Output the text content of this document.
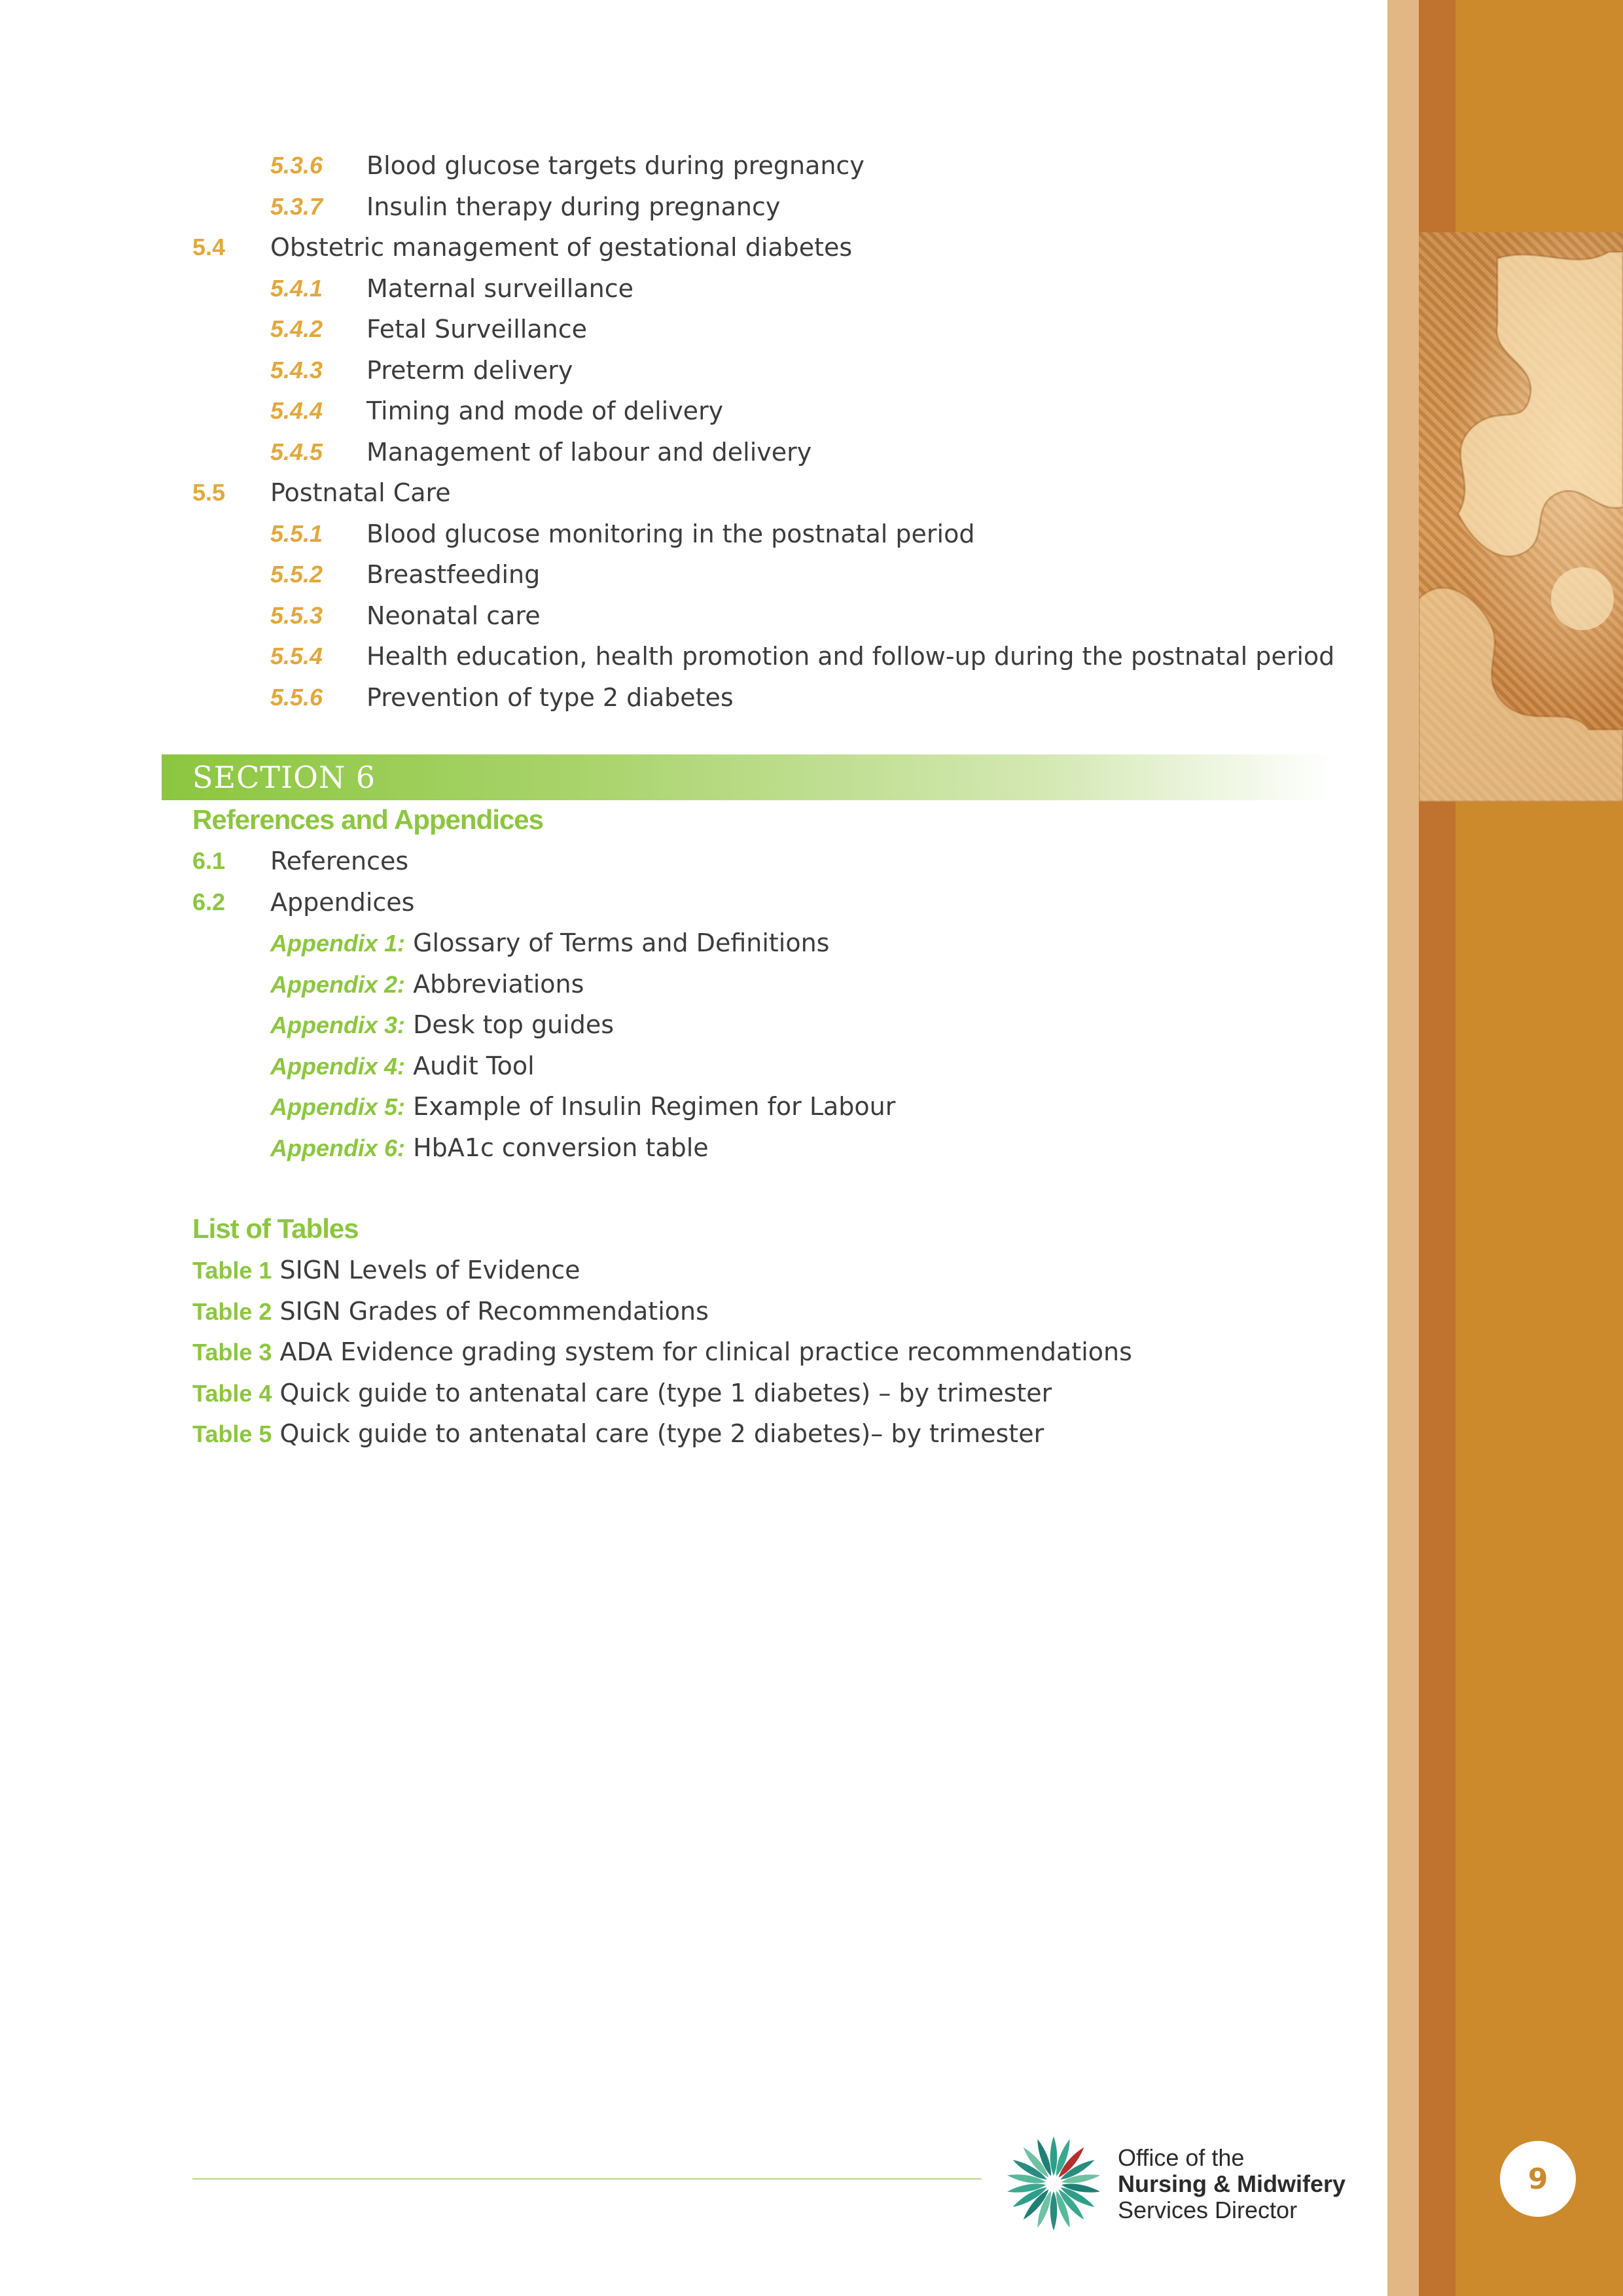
5.3.6 Blood glucose targets during pregnancy
5.3.7 Insulin therapy during pregnancy
5.4 Obstetric management of gestational diabetes
5.4.1 Maternal surveillance
5.4.2 Fetal Surveillance
5.4.3 Preterm delivery
5.4.4 Timing and mode of delivery
5.4.5 Management of labour and delivery
5.5 Postnatal Care
5.5.1 Blood glucose monitoring in the postnatal period
5.5.2 Breastfeeding
5.5.3 Neonatal care
5.5.4 Health education, health promotion and follow-up during the postnatal period
5.5.6 Prevention of type 2 diabetes
SECTION 6
References and Appendices
6.1 References
6.2 Appendices
Appendix 1: Glossary of Terms and Definitions
Appendix 2: Abbreviations
Appendix 3: Desk top guides
Appendix 4: Audit Tool
Appendix 5: Example of Insulin Regimen for Labour
Appendix 6: HbA1c conversion table
List of Tables
Table 1 SIGN Levels of Evidence
Table 2 SIGN Grades of Recommendations
Table 3 ADA Evidence grading system for clinical practice recommendations
Table 4 Quick guide to antenatal care (type 1 diabetes) – by trimester
Table 5 Quick guide to antenatal care (type 2 diabetes)– by trimester
Office of the
Nursing & Midwifery
Services Director
9
